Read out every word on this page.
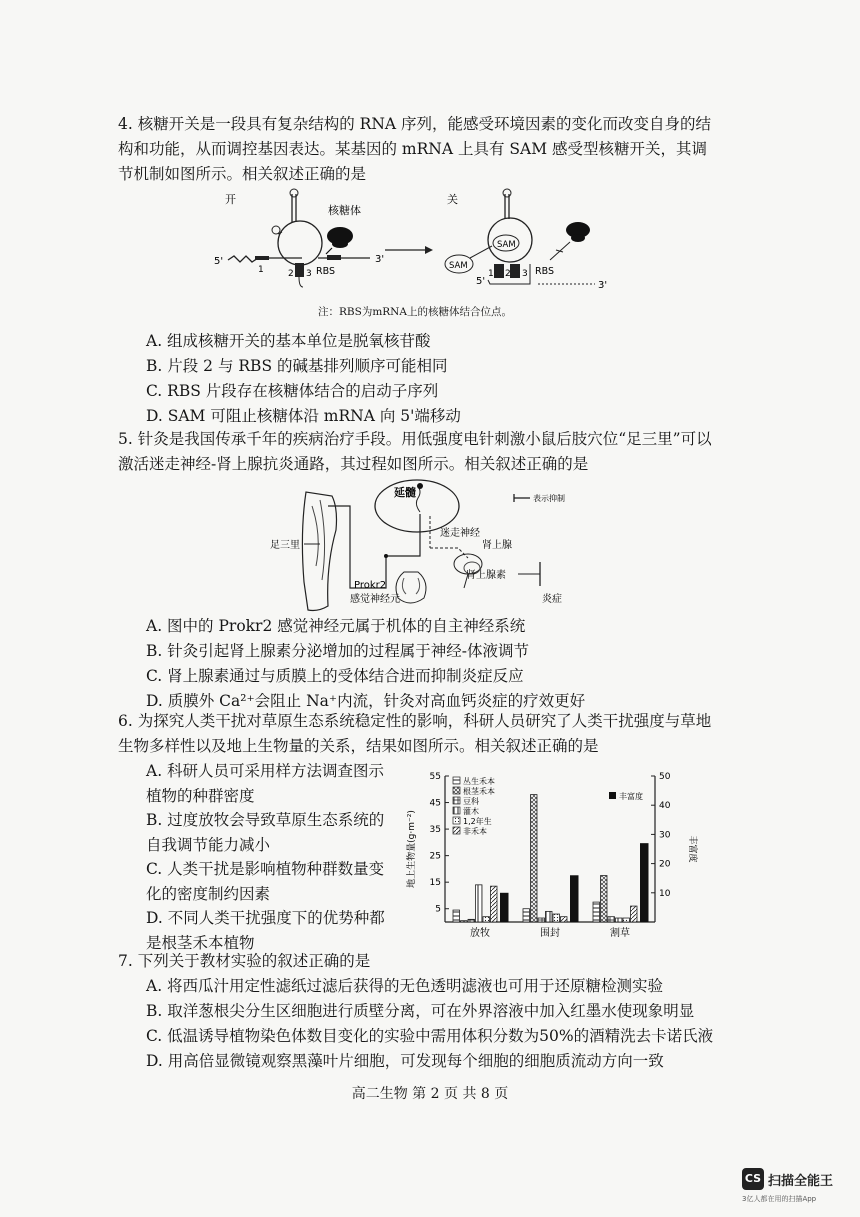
4. 核糖开关是一段具有复杂结构的 RNA 序列，能感受环境因素的变化而改变自身的结构和功能，从而调控基因表达。某基因的 mRNA 上具有 SAM 感受型核糖开关，其调节机制如图所示。相关叙述正确的是

开
5'
1	2 3 RBS
3'
核糖体
关
SAM
SAM
5'
1 2 3 RBS
3'
注：RBS为mRNA上的核糖体结合位点。

A. 组成核糖开关的基本单位是脱氧核苷酸

B. 片段 2 与 RBS 的碱基排列顺序可能相同

C. RBS 片段存在核糖体结合的启动子序列

D. SAM 可阻止核糖体沿 mRNA 向 5'端移动

5. 针灸是我国传承千年的疾病治疗手段。用低强度电针刺激小鼠后肢穴位“足三里”可以激活迷走神经-肾上腺抗炎通路，其过程如图所示。相关叙述正确的是

延髓
迷走神经
表示抑制
足三里
Prokr2
感觉神经元
肾上腺
肾上腺素
炎症

A. 图中的 Prokr2 感觉神经元属于机体的自主神经系统

B. 针灸引起肾上腺素分泌增加的过程属于神经-体液调节

C. 肾上腺素通过与质膜上的受体结合进而抑制炎症反应

D. 质膜外 Ca²⁺会阻止 Na⁺内流，针灸对高血钙炎症的疗效更好

6. 为探究人类干扰对草原生态系统稳定性的影响，科研人员研究了人类干扰强度与草地生物多样性以及地上生物量的关系，结果如图所示。相关叙述正确的是

A. 科研人员可采用样方法调查图示植物的种群密度

B. 过度放牧会导致草原生态系统的自我调节能力减小

C. 人类干扰是影响植物种群数量变化的密度制约因素

D. 不同人类干扰强度下的优势种都是根茎禾本植物

5
15
25
35
45
55
10
20
30
40
50
地上生物量(g·m⁻²)	丰富度
放牧	围封	割草
丛生禾本
根茎禾本
豆科
灌木
1,2年生
非禾本
丰富度

7. 下列关于教材实验的叙述正确的是

A. 将西瓜汁用定性滤纸过滤后获得的无色透明滤液也可用于还原糖检测实验

B. 取洋葱根尖分生区细胞进行质壁分离，可在外界溶液中加入红墨水使现象明显

C. 低温诱导植物染色体数目变化的实验中需用体积分数为50%的酒精洗去卡诺氏液

D. 用高倍显微镜观察黑藻叶片细胞，可发现每个细胞的细胞质流动方向一致

高二生物 第 2 页 共 8 页
CS 扫描全能王
3亿人都在用的扫描App
